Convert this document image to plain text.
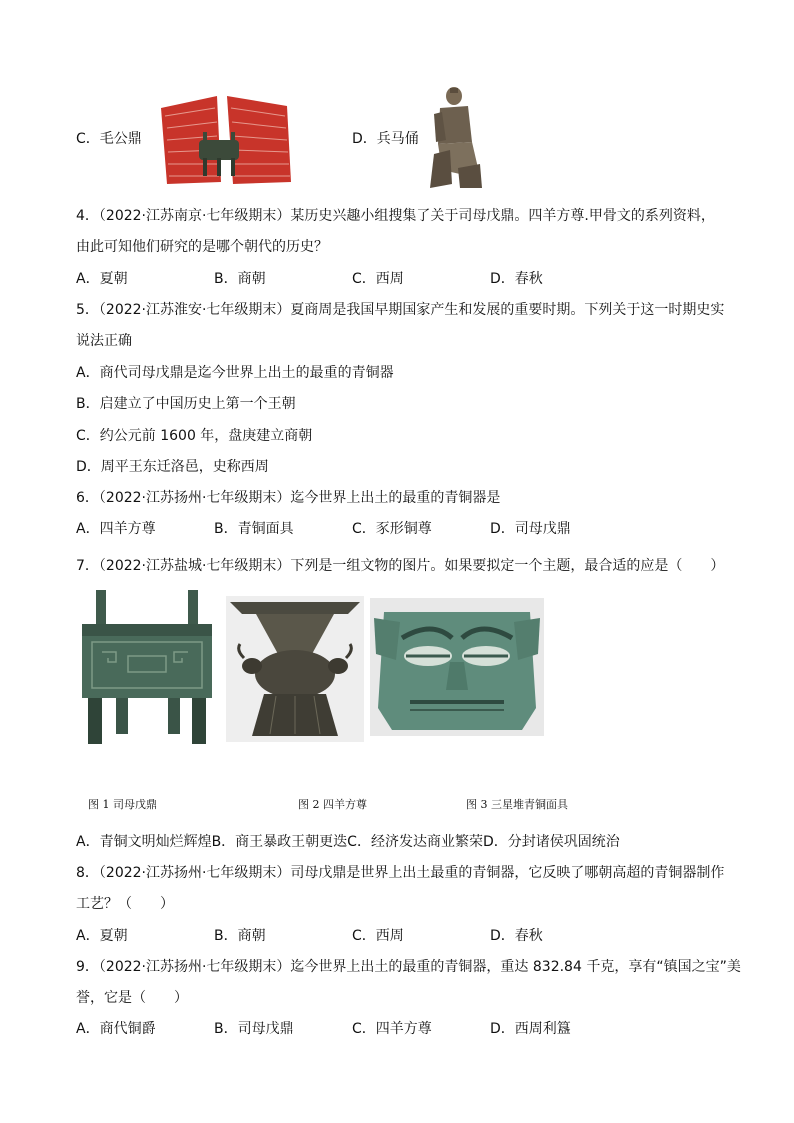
C．毛公鼎	D．兵马俑
4．（2022·江苏南京·七年级期末）某历史兴趣小组搜集了关于司母戊鼎。四羊方尊.甲骨文的系列资料，
由此可知他们研究的是哪个朝代的历史？
A．夏朝	B．商朝	C．西周	D．春秋
5．（2022·江苏淮安·七年级期末）夏商周是我国早期国家产生和发展的重要时期。下列关于这一时期史实
说法正确
A．商代司母戊鼎是迄今世界上出土的最重的青铜器
B．启建立了中国历史上第一个王朝
C．约公元前 1600 年，盘庚建立商朝
D．周平王东迁洛邑，史称西周
6．（2022·江苏扬州·七年级期末）迄今世界上出土的最重的青铜器是
A．四羊方尊	B．青铜面具	C．豕形铜尊	D．司母戊鼎
7．（2022·江苏盐城·七年级期末）下列是一组文物的图片。如果要拟定一个主题，最合适的应是（　　）
图 1 司母戊鼎	图 2 四羊方尊	图 3 三星堆青铜面具
A．青铜文明灿烂辉煌B．商王暴政王朝更迭C．经济发达商业繁荣D．分封诸侯巩固统治
8．（2022·江苏扬州·七年级期末）司母戊鼎是世界上出土最重的青铜器，它反映了哪朝高超的青铜器制作
工艺？（　　）
A．夏朝	B．商朝	C．西周	D．春秋
9．（2022·江苏扬州·七年级期末）迄今世界上出土的最重的青铜器，重达 832.84 千克，享有“镇国之宝”美
誉，它是（　　）
A．商代铜爵	B．司母戊鼎	C．四羊方尊	D．西周利簋
